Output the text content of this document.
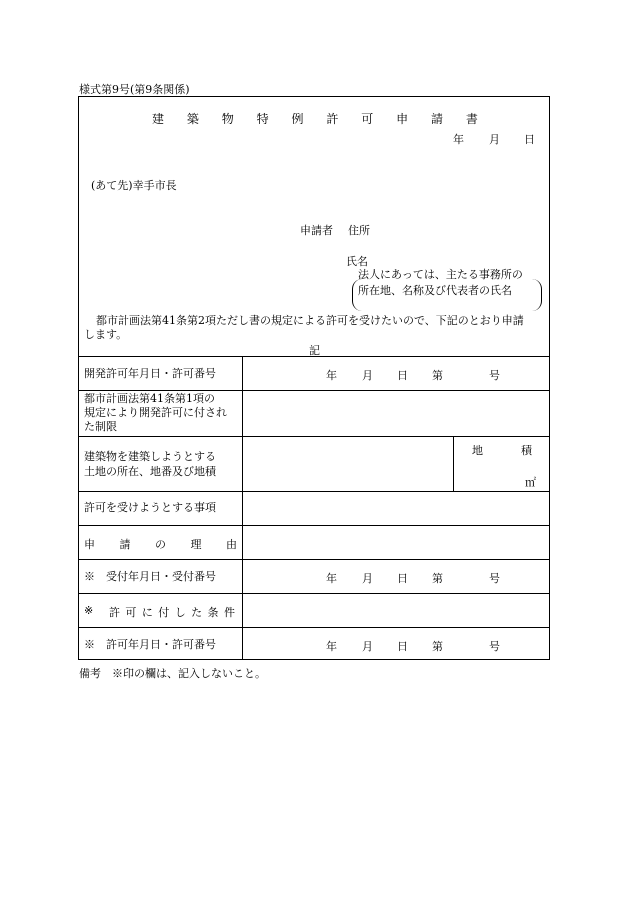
様式第9号(第9条関係)
建 築 物 特 例 許 可 申 請 書
年 月 日
(あて先)幸手市長
申請者 住所
氏名
法人にあっては、主たる事務所の
所在地、名称及び代表者の氏名
都市計画法第41条第2項ただし書の規定による許可を受けたいので、下記のとおり申請
します。
記
開発許可年月日・許可番号	年 月 日 第	号
都市計画法第41条第1項の
規定により開発許可に付され
た制限
建築物を建築しようとする
土地の所在、地番及び地積
地	積
㎡
許可を受けようとする事項
申 請 の 理 由
※　受付年月日・受付番号	年 月 日 第	号
※ 許 可 に 付 し た 条 件
※　許可年月日・許可番号	年 月 日 第	号
備考　※印の欄は、記入しないこと。
